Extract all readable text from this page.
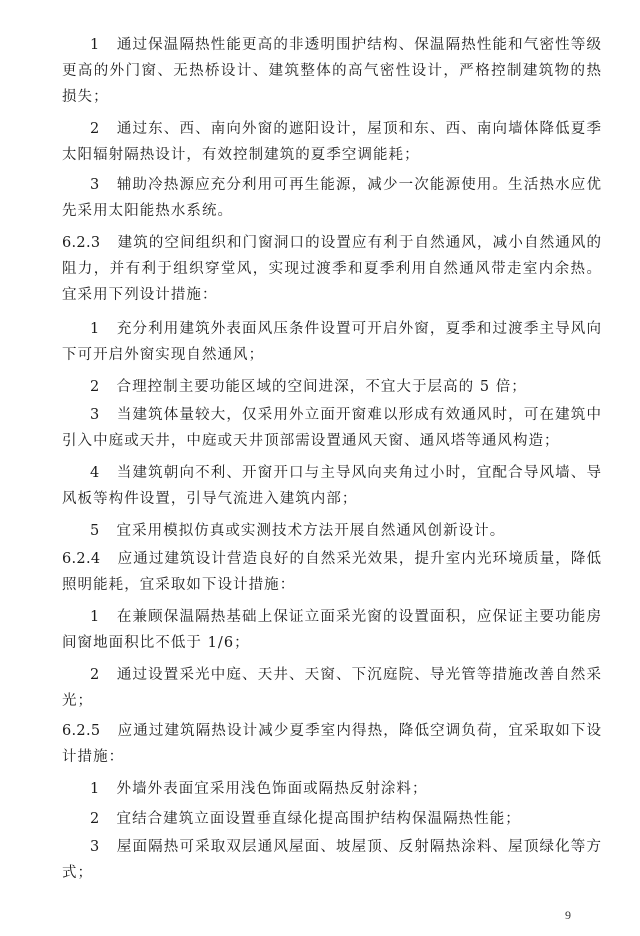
1 通过保温隔热性能更高的非透明围护结构、保温隔热性能和气密性等级更高的外门窗、无热桥设计、建筑整体的高气密性设计，严格控制建筑物的热损失；

2 通过东、西、南向外窗的遮阳设计，屋顶和东、西、南向墙体降低夏季太阳辐射隔热设计，有效控制建筑的夏季空调能耗；

3 辅助冷热源应充分利用可再生能源，减少一次能源使用。生活热水应优先采用太阳能热水系统。

6.2.3 建筑的空间组织和门窗洞口的设置应有利于自然通风，减小自然通风的阻力，并有利于组织穿堂风，实现过渡季和夏季利用自然通风带走室内余热。宜采用下列设计措施：

1 充分利用建筑外表面风压条件设置可开启外窗，夏季和过渡季主导风向下可开启外窗实现自然通风；

2 合理控制主要功能区域的空间进深，不宜大于层高的 5 倍；

3 当建筑体量较大，仅采用外立面开窗难以形成有效通风时，可在建筑中引入中庭或天井，中庭或天井顶部需设置通风天窗、通风塔等通风构造；

4 当建筑朝向不利、开窗开口与主导风向夹角过小时，宜配合导风墙、导风板等构件设置，引导气流进入建筑内部；

5 宜采用模拟仿真或实测技术方法开展自然通风创新设计。

6.2.4 应通过建筑设计营造良好的自然采光效果，提升室内光环境质量，降低照明能耗，宜采取如下设计措施：

1 在兼顾保温隔热基础上保证立面采光窗的设置面积，应保证主要功能房间窗地面积比不低于 1/6；

2 通过设置采光中庭、天井、天窗、下沉庭院、导光管等措施改善自然采光；

6.2.5 应通过建筑隔热设计减少夏季室内得热，降低空调负荷，宜采取如下设计措施：

1 外墙外表面宜采用浅色饰面或隔热反射涂料；

2 宜结合建筑立面设置垂直绿化提高围护结构保温隔热性能；

3 屋面隔热可采取双层通风屋面、坡屋顶、反射隔热涂料、屋顶绿化等方式；

9
